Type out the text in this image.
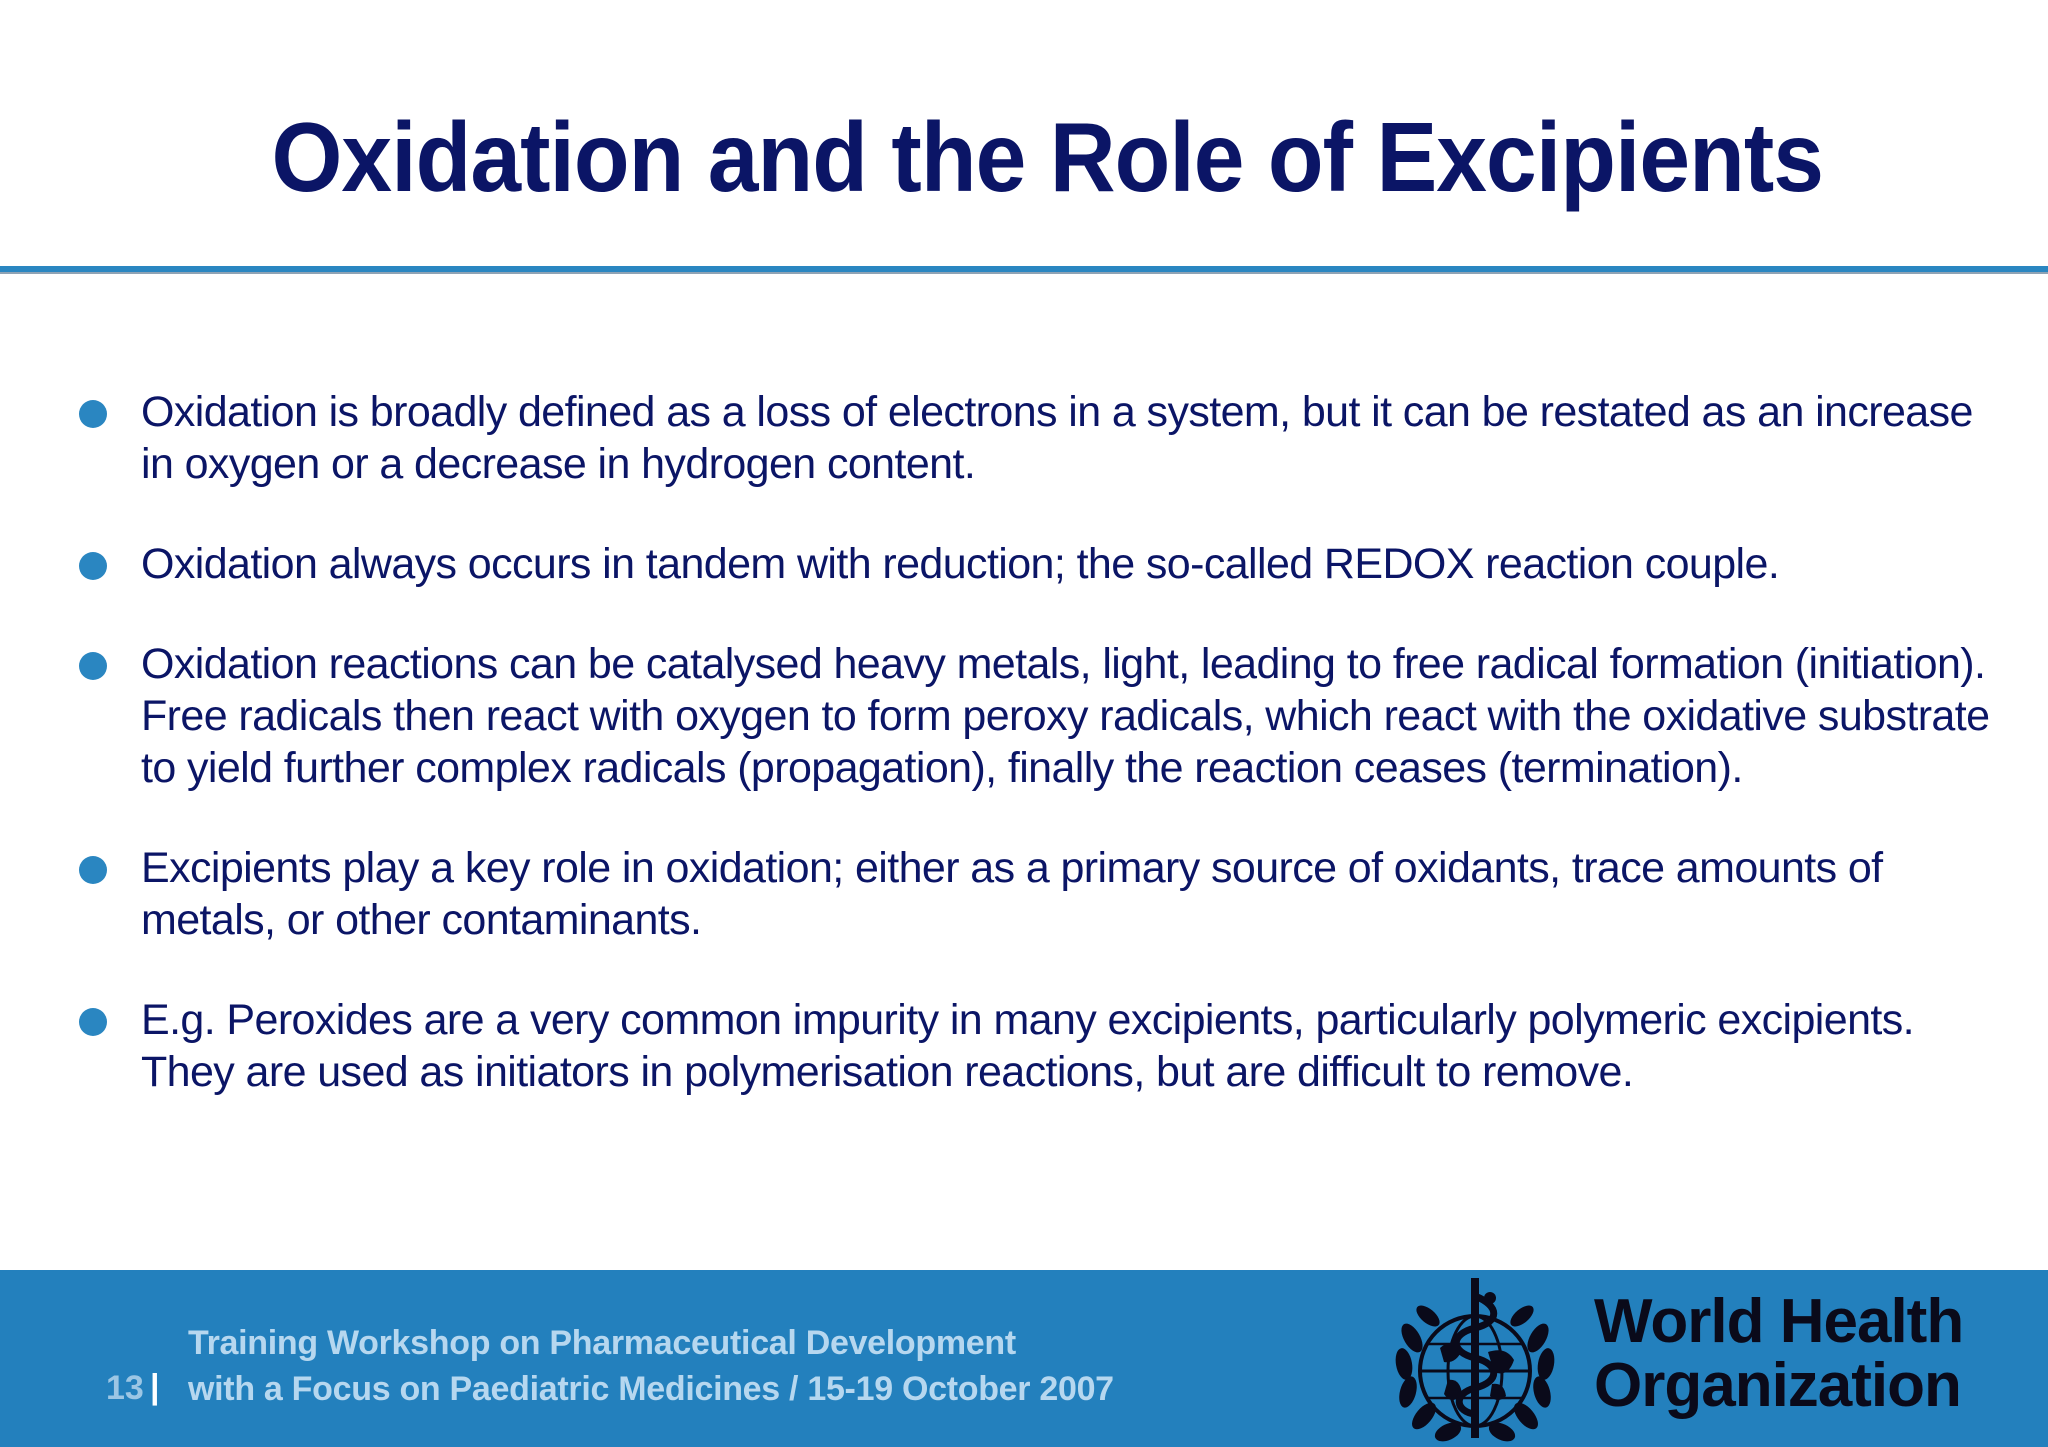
Oxidation and the Role of Excipients
Oxidation is broadly defined as a loss of electrons in a system, but it can be restated as an increase in oxygen or a decrease in hydrogen content.
Oxidation always occurs in tandem with reduction; the so-called REDOX reaction couple.
Oxidation reactions can be catalysed heavy metals, light, leading to free radical formation (initiation). Free radicals then react with oxygen to form peroxy radicals, which react with the oxidative substrate to yield further complex radicals (propagation), finally the reaction ceases (termination).
Excipients play a key role in oxidation; either as a primary source of oxidants, trace amounts of metals, or other contaminants.
E.g. Peroxides are a very common impurity in many excipients, particularly polymeric excipients. They are used as initiators in polymerisation reactions, but are difficult to remove.
13 |
Training Workshop on Pharmaceutical Development
with a Focus on Paediatric Medicines / 15-19 October 2007
World Health
Organization
